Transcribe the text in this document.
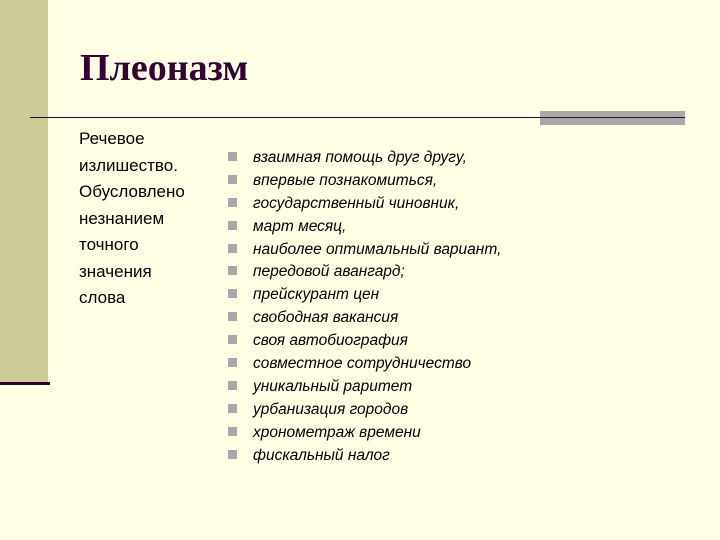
Плеоназм
Речевое
излишество.
Обусловлено
незнанием
точного
значения
слова
взаимная помощь друг другу,
впервые познакомиться,
государственный чиновник,
март месяц,
наиболее оптимальный вариант,
передовой авангард;
прейскурант цен
свободная вакансия
своя автобиография
совместное сотрудничество
уникальный раритет
урбанизация городов
хронометраж времени
фискальный налог
